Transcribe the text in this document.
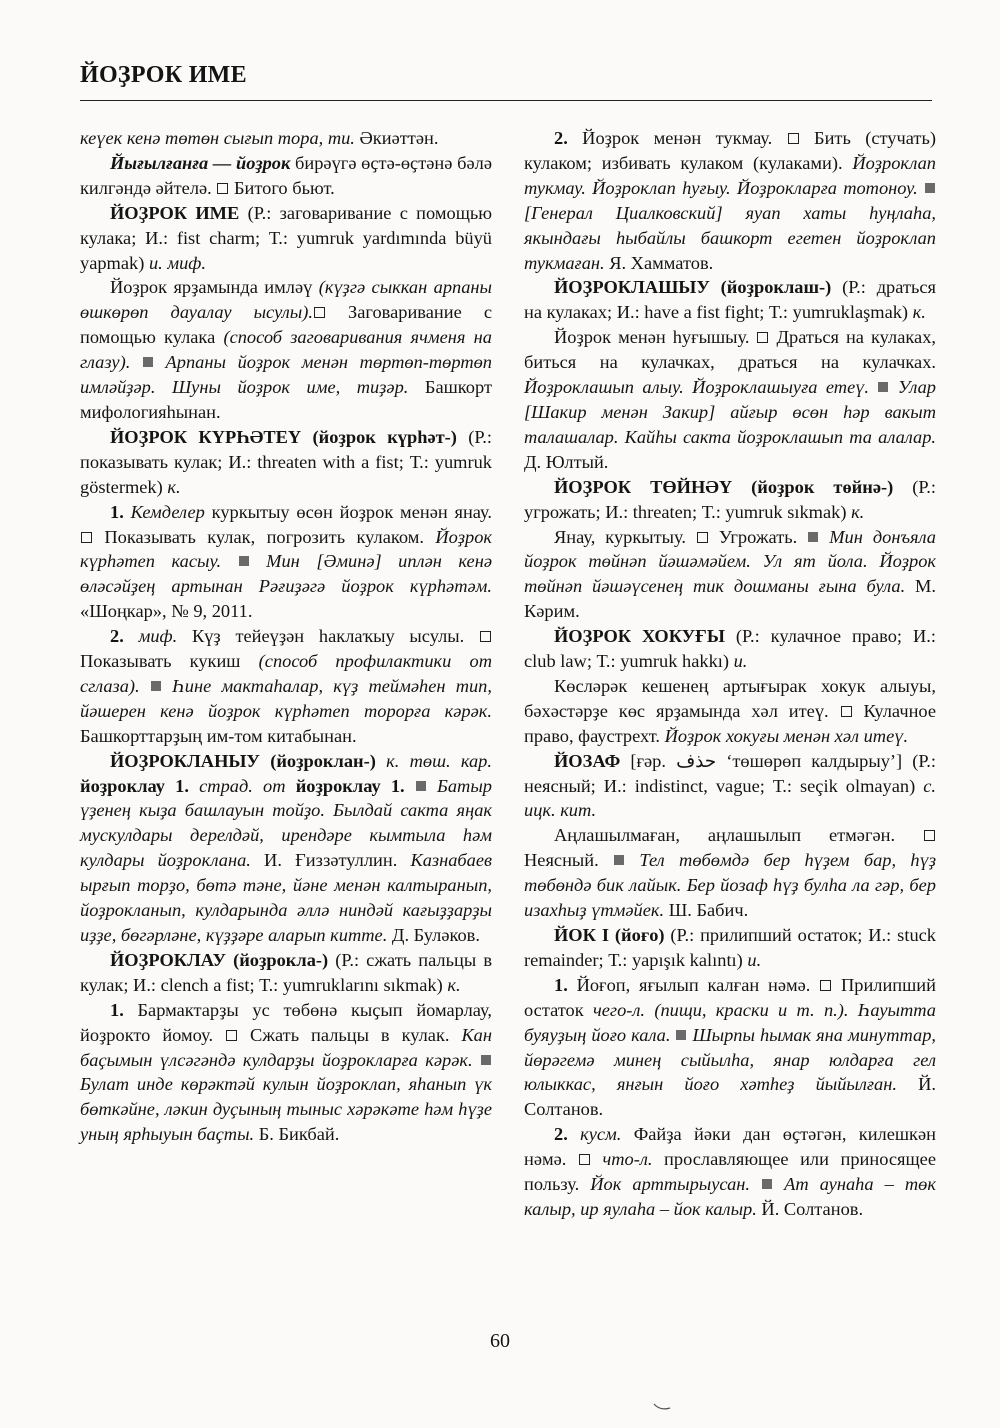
ЙОҘРОК ИМЕ

кеүек кенә төтөн сығып тора, ти. Әкиәттән.

Йығылғанға — йоҙрок бирәүгә өҫтә-өҫтәнә бәлә килгәндә әйтелә.  Битого бьют.

ЙОҘРОК ИМЕ (Р.: заговаривание с помощью кулака; И.: fist charm; Т.: yumruk yardımında büyü yapmak) и. миф.

Йоҙрок ярҙамында имләү (күҙгә сыккан арпаны өшкөрөп дауалау ысулы). Заговаривание с помощью кулака (способ заговаривания ячменя на глазу).  Арпаны йоҙрок менән төртөп-төртөп имләйҙәр. Шуны йоҙрок име, тиҙәр. Башкорт мифологияһынан.

ЙОҘРОК КҮРҺӘТЕҮ (йоҙрок күрһәт-) (Р.: показывать кулак; И.: threaten with a fist; Т.: yumruk göstermek) к.

1. Кемделер куркытыу өсөн йоҙрок менән янау.  Показывать кулак, погрозить кулаком. Йоҙрок күрһәтеп касыу.  Мин [Әминә] иплән кенә өләсәйҙең артынан Рәғиҙәгә йоҙрок күрһәтәм. «Шоңкар», № 9, 2011.

2. миф. Күҙ тейеүҙән һаклаҡыу ысулы.  Показывать кукиш (способ профилактики от сглаза).  Һине мактаһалар, күҙ теймәһен тип, йәшерен кенә йоҙрок күрһәтеп торорға кәрәк. Башкорттарҙың им-том китабынан.

ЙОҘРОКЛАНЫУ (йоҙроклан-) к. төш. кар. йоҙроклау 1. страд. от йоҙроклау 1.  Батыр үҙенең кыҙа башлауын тойҙо. Былдай сакта яңак мускулдары дерелдәй, ирендәре кымтыла һәм кулдары йоҙроклана. И. Ғиззәтуллин. Казнабаев ырғып торҙо, бөтә тәне, йәне менән калтыранып, йоҙрокланып, кулдарында әллә ниндәй кағыҙҙарҙы иҙҙе, бөгәрләне, күҙҙәре аларып китте. Д. Буләков.

ЙОҘРОКЛАУ (йоҙрокла-) (Р.: сжать пальцы в кулак; И.: clench a fist; Т.: yumruklarını sıkmak) к.

1. Бармактарҙы ус төбөнә кыҫып йомарлау, йоҙрокто йомоу.  Сжать пальцы в кулак. Кан баҫымын үлсәгәндә кулдарҙы йоҙрокларға кәрәк.  Булат инде көрәктәй кулын йоҙроклап, яһанып үк бөткәйне, ләкин дуҫының тыныс хәрәкәте һәм һүҙе уның ярһыуын баҫты. Б. Бикбай.

2. Йоҙрок менән тукмау.  Бить (стучать) кулаком; избивать кулаком (кулаками). Йоҙроклап тукмау. Йоҙроклап һуғыу. Йоҙрокларға тотоноу.  [Генерал Циалковский] яуап хаты һуңлаһа, якындағы һыбайлы башкорт егетен йоҙроклап тукмаған. Я. Хамматов.

ЙОҘРОКЛАШЫУ (йоҙроклаш-) (Р.: драться на кулаках; И.: have a fist fight; Т.: yumruklaşmak) к.

Йоҙрок менән һуғышыу.  Драться на кулаках, биться на кулачках, драться на кулачках. Йоҙроклашып алыу. Йоҙроклашыуға етеү.  Улар [Шакир менән Закир] айғыр өсөн һәр вакыт талашалар. Кайһы сакта йоҙроклашып та алалар. Д. Юлтый.

ЙОҘРОК ТӨЙНӘҮ (йоҙрок төйнә-) (Р.: угрожать; И.: threaten; Т.: yumruk sıkmak) к.

Янау, куркытыу.  Угрожать.  Мин донъяла йоҙрок төйнәп йәшәмәйем. Ул ят йола. Йоҙрок төйнәп йәшәүсенең тик дошманы ғына була. М. Кәрим.

ЙОҘРОК ХОКУҒЫ (Р.: кулачное право; И.: club law; Т.: yumruk hakkı) и.

Көсләрәк кешенең артығырак хокук алыуы, бәхәстәрҙе көс ярҙамында хәл итеү.  Кулачное право, фаустрехт. Йоҙрок хокуғы менән хәл итеү.

ЙОЗАФ [ғәр. حذف ‘төшөрөп калдырыу’] (Р.: неясный; И.: indistinct, vague; Т.: seçik olmayan) с. ицк. кит.

Аңлашылмаған, аңлашылып етмәгән.  Неясный.  Тел төбөмдә бер һүҙем бар, һүҙ төбөндә бик лайык. Бер йозаф һүҙ булһа ла гәр, бер изахһыҙ үтмәйек. Ш. Бабич.

ЙОК I (йоғо) (Р.: прилипший остаток; И.: stuck remainder; Т.: yapışık kalıntı) и.

1. Йоғоп, яғылып калған нәмә.  Прилипший остаток чего-л. (пищи, краски и т. п.). Һауытта буяуҙың йоғо кала.  Шырпы һымак яна минуттар, йөрәгемә минең сыйылһа, янар юлдарға гел юлыккас, янғын йоғо хәтһеҙ йыйылған. Й. Солтанов.

2. кусм. Файҙа йәки дан өҫтәгән, килешкән нәмә.  что-л. прославляющее или приносящее пользу. Йок арттырыусан.  Ат аунаһа – төк калыр, ир яулаһа – йок калыр. Й. Солтанов.

60
